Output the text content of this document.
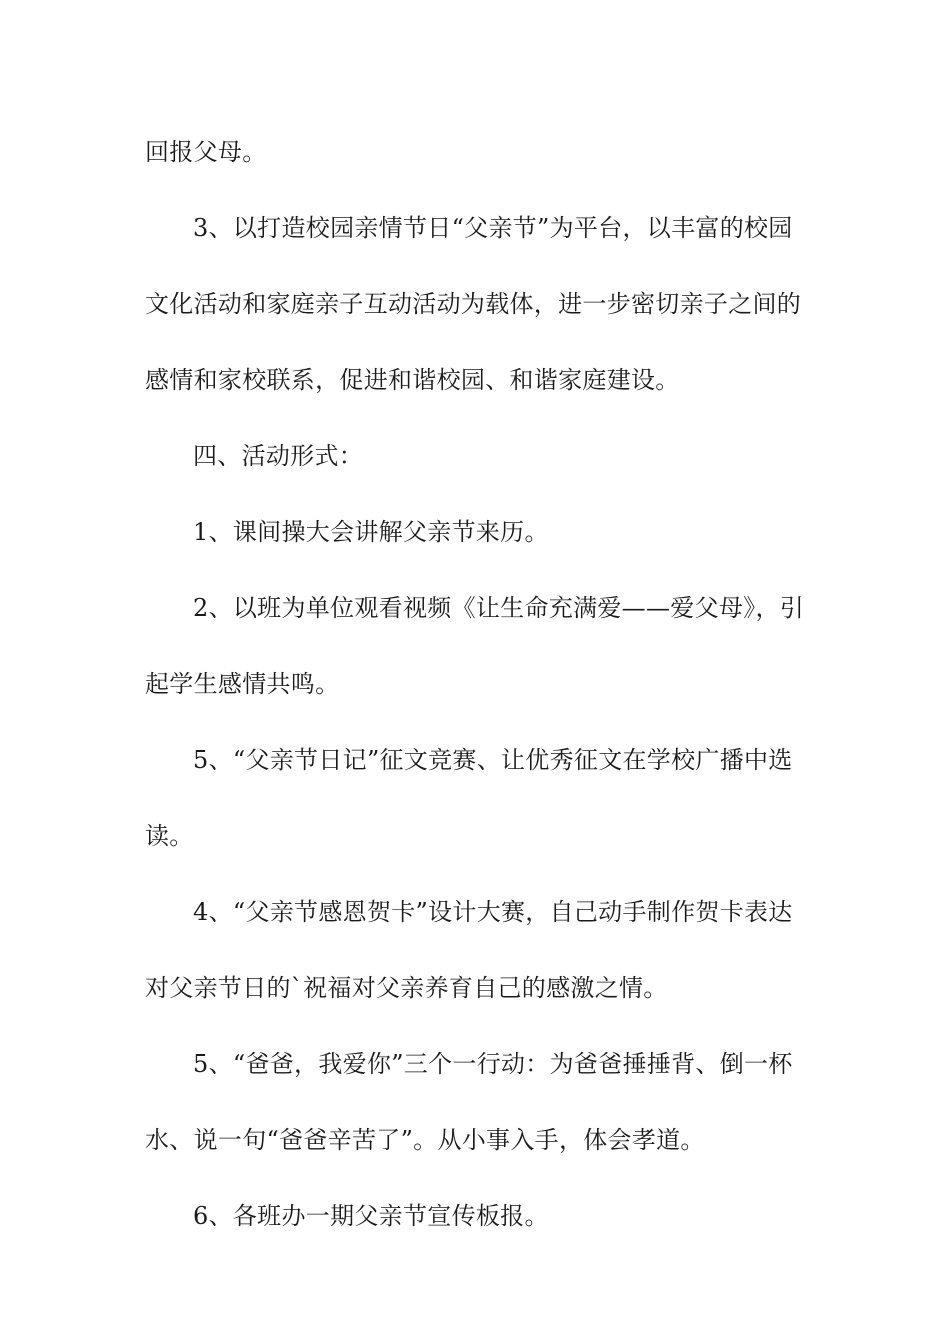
回报父母。
3、以打造校园亲情节日“父亲节”为平台，以丰富的校园
文化活动和家庭亲子互动活动为载体，进一步密切亲子之间的
感情和家校联系，促进和谐校园、和谐家庭建设。
四、活动形式：
1、课间操大会讲解父亲节来历。
2、以班为单位观看视频《让生命充满爱——爱父母》，引
起学生感情共鸣。
5、“父亲节日记”征文竞赛、让优秀征文在学校广播中选
读。
4、“父亲节感恩贺卡”设计大赛，自己动手制作贺卡表达
对父亲节日的`祝福对父亲养育自己的感激之情。
5、“爸爸，我爱你”三个一行动：为爸爸捶捶背、倒一杯
水、说一句“爸爸辛苦了”。从小事入手，体会孝道。
6、各班办一期父亲节宣传板报。
